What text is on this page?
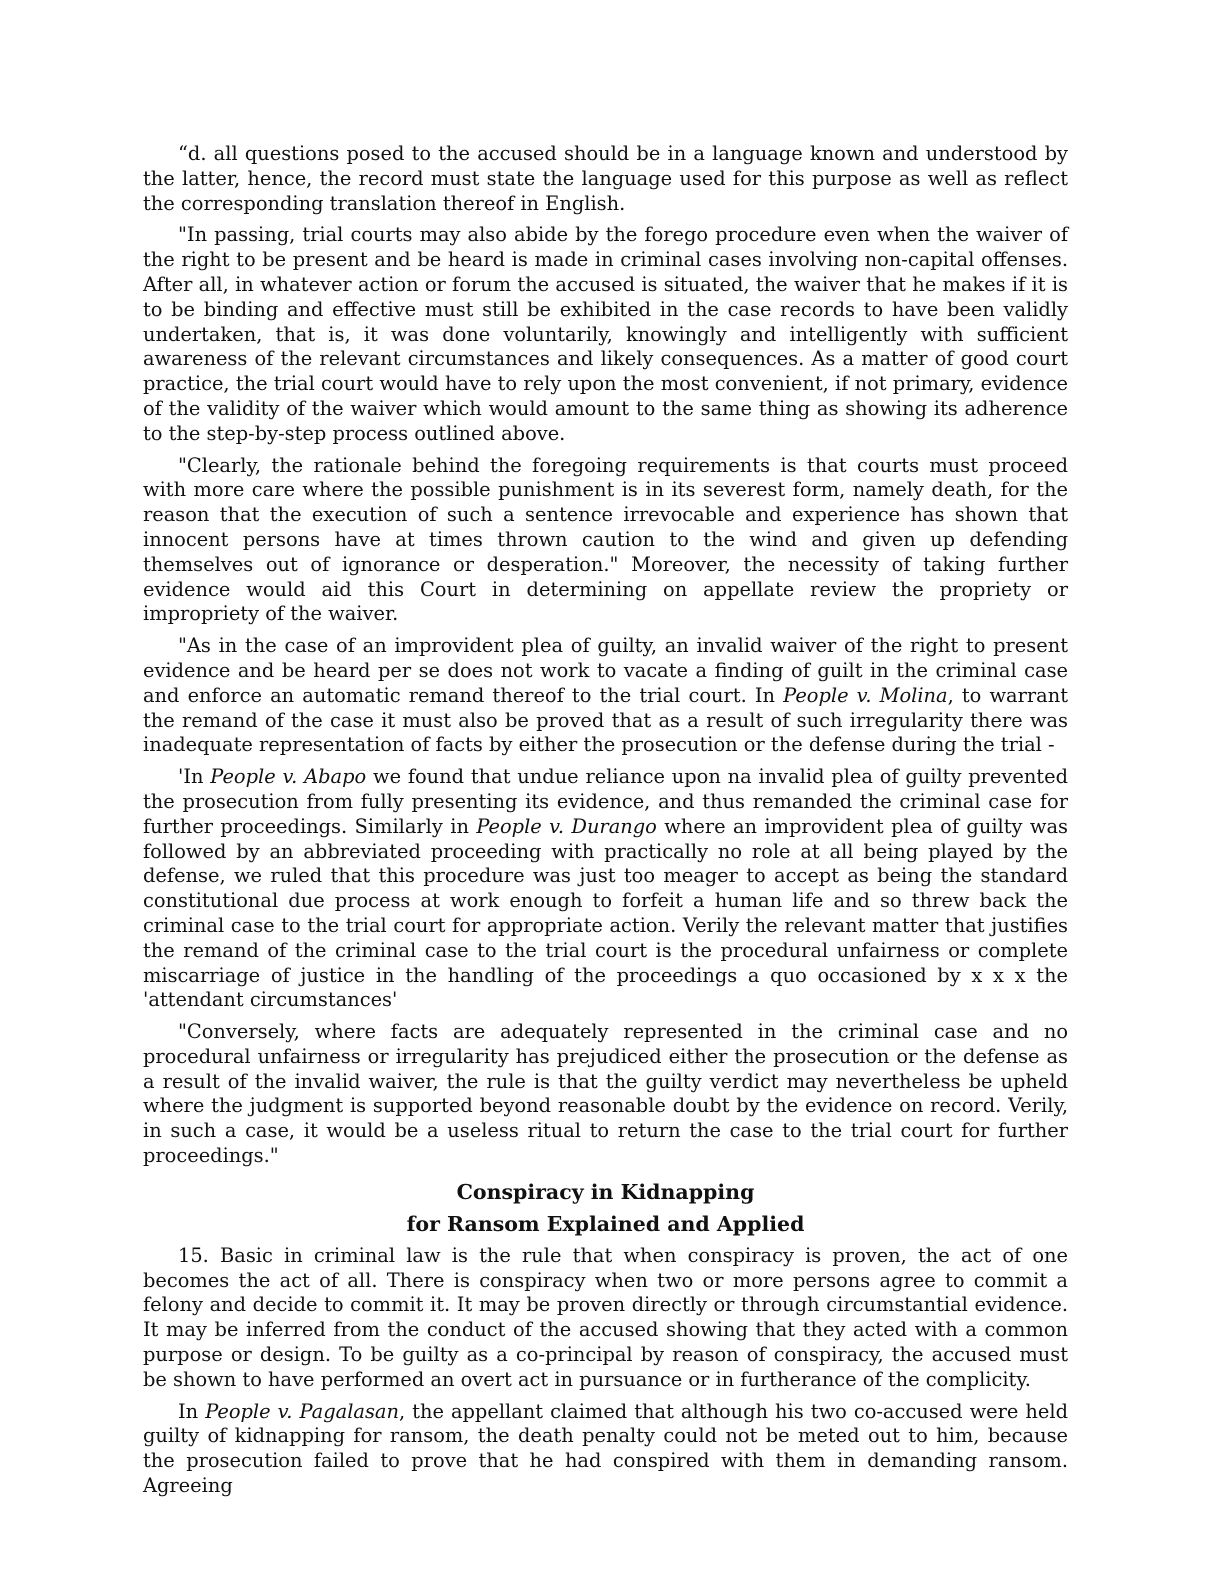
“d. all questions posed to the accused should be in a language known and understood by the latter, hence, the record must state the language used for this purpose as well as reflect the corresponding translation thereof in English.

"In passing, trial courts may also abide by the forego procedure even when the waiver of the right to be present and be heard is made in criminal cases involving non-capital offenses. After all, in whatever action or forum the accused is situated, the waiver that he makes if it is to be binding and effective must still be exhibited in the case records to have been validly undertaken, that is, it was done voluntarily, knowingly and intelligently with sufficient awareness of the relevant circumstances and likely consequences. As a matter of good court practice, the trial court would have to rely upon the most convenient, if not primary, evidence of the validity of the waiver which would amount to the same thing as showing its adherence to the step-by-step process outlined above.

"Clearly, the rationale behind the foregoing requirements is that courts must proceed with more care where the possible punishment is in its severest form, namely death, for the reason that the execution of such a sentence irrevocable and experience has shown that innocent persons have at times thrown caution to the wind and given up defending themselves out of ignorance or desperation." Moreover, the necessity of taking further evidence would aid this Court in determining on appellate review the propriety or impropriety of the waiver.

"As in the case of an improvident plea of guilty, an invalid waiver of the right to present evidence and be heard per se does not work to vacate a finding of guilt in the criminal case and enforce an automatic remand thereof to the trial court. In People v. Molina, to warrant the remand of the case it must also be proved that as a result of such irregularity there was inadequate representation of facts by either the prosecution or the defense during the trial -

'In People v. Abapo we found that undue reliance upon na invalid plea of guilty prevented the prosecution from fully presenting its evidence, and thus remanded the criminal case for further proceedings. Similarly in People v. Durango where an improvident plea of guilty was followed by an abbreviated proceeding with practically no role at all being played by the defense, we ruled that this procedure was just too meager to accept as being the standard constitutional due process at work enough to forfeit a human life and so threw back the criminal case to the trial court for appropriate action. Verily the relevant matter that justifies the remand of the criminal case to the trial court is the procedural unfairness or complete miscarriage of justice in the handling of the proceedings a quo occasioned by x x x the 'attendant circumstances'

"Conversely, where facts are adequately represented in the criminal case and no procedural unfairness or irregularity has prejudiced either the prosecution or the defense as a result of the invalid waiver, the rule is that the guilty verdict may nevertheless be upheld where the judgment is supported beyond reasonable doubt by the evidence on record. Verily, in such a case, it would be a useless ritual to return the case to the trial court for further proceedings."

Conspiracy in Kidnapping
for Ransom Explained and Applied

15. Basic in criminal law is the rule that when conspiracy is proven, the act of one becomes the act of all. There is conspiracy when two or more persons agree to commit a felony and decide to commit it. It may be proven directly or through circumstantial evidence. It may be inferred from the conduct of the accused showing that they acted with a common purpose or design. To be guilty as a co-principal by reason of conspiracy, the accused must be shown to have performed an overt act in pursuance or in furtherance of the complicity.

In People v. Pagalasan, the appellant claimed that although his two co-accused were held guilty of kidnapping for ransom, the death penalty could not be meted out to him, because the prosecution failed to prove that he had conspired with them in demanding ransom. Agreeing
